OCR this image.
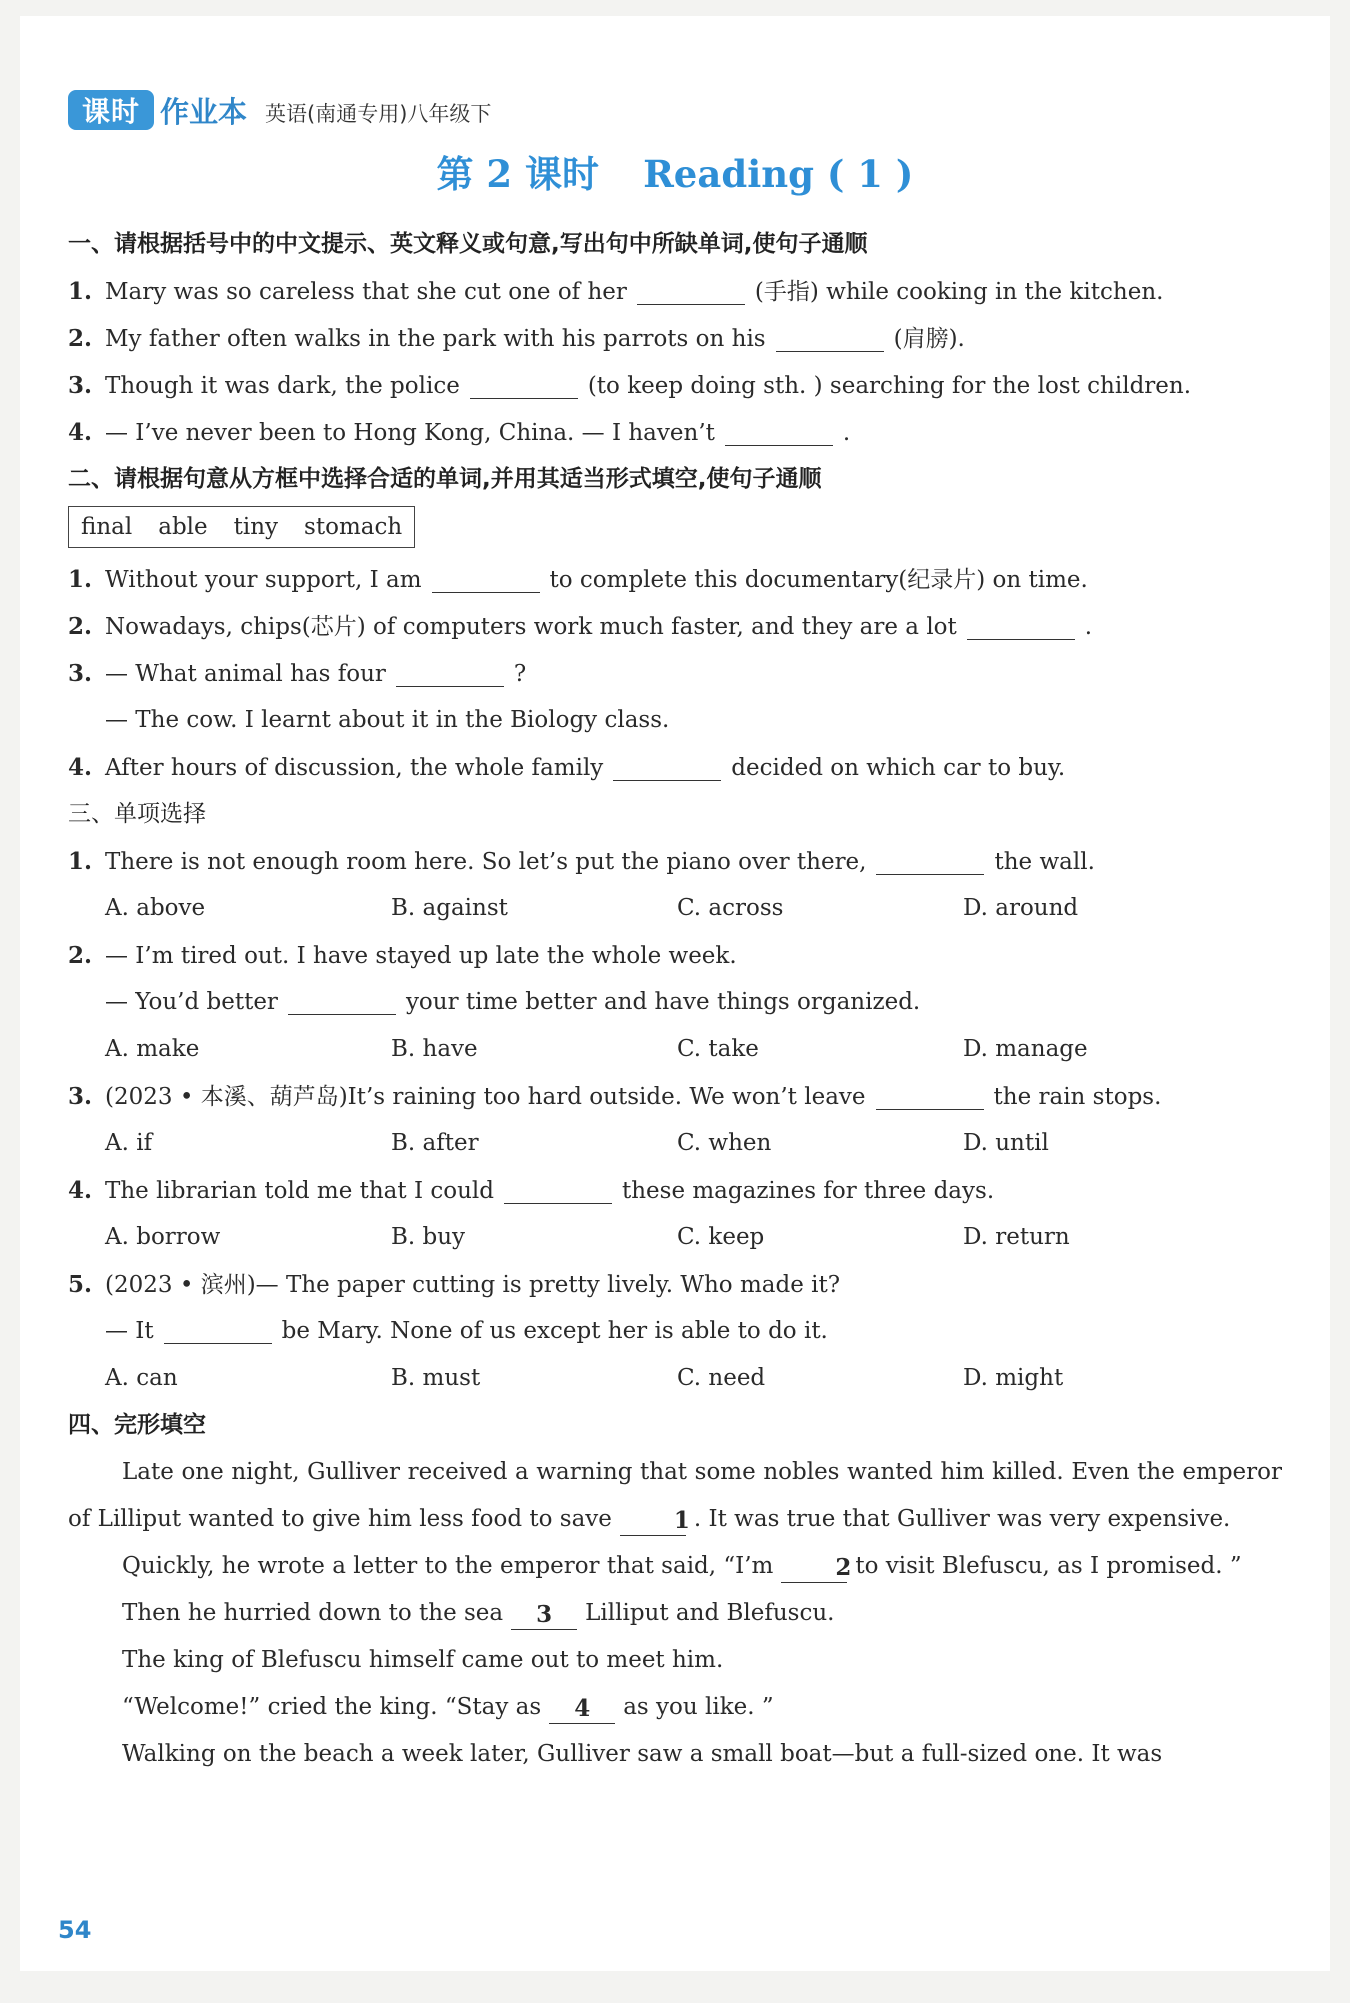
课时 作业本 英语(南通专用)八年级下
第 2 课时 Reading ( 1 )
一、请根据括号中的中文提示、英文释义或句意,写出句中所缺单词,使句子通顺
1. Mary was so careless that she cut one of her	(手指) while cooking in the kitchen.
2. My father often walks in the park with his parrots on his	(肩膀).
3. Though it was dark, the police	(to keep doing sth. ) searching for the lost children.
4. — I’ve never been to Hong Kong, China. — I haven’t	.
二、请根据句意从方框中选择合适的单词,并用其适当形式填空,使句子通顺
final able tiny stomach
1. Without your support, I am	to complete this documentary(纪录片) on time.
2. Nowadays, chips(芯片) of computers work much faster, and they are a lot	.
3. — What animal has four	?
— The cow. I learnt about it in the Biology class.
4. After hours of discussion, the whole family	decided on which car to buy.
三、单项选择
1. There is not enough room here. So let’s put the piano over there,	the wall.
A. above	B. against	C. across	D. around
2. — I’m tired out. I have stayed up late the whole week.
— You’d better	your time better and have things organized.
A. make	B. have	C. take	D. manage
3. (2023 • 本溪、葫芦岛)It’s raining too hard outside. We won’t leave	the rain stops.
A. if	B. after	C. when	D. until
4. The librarian told me that I could	these magazines for three days.
A. borrow	B. buy	C. keep	D. return
5. (2023 • 滨州)— The paper cutting is pretty lively. Who made it?
— It	be Mary. None of us except her is able to do it.
A. can	B. must	C. need	D. might
四、完形填空
Late one night, Gulliver received a warning that some nobles wanted him killed. Even the emperor of Lilliput wanted to give him less food to save	1 . It was true that Gulliver was very expensive.
Quickly, he wrote a letter to the emperor that said, “I’m	2 to visit Blefuscu, as I promised. ”
Then he hurried down to the sea 3 Lilliput and Blefuscu.
The king of Blefuscu himself came out to meet him.
“Welcome!” cried the king. “Stay as 4 as you like. ”
Walking on the beach a week later, Gulliver saw a small boat—but a full-sized one. It was
54
